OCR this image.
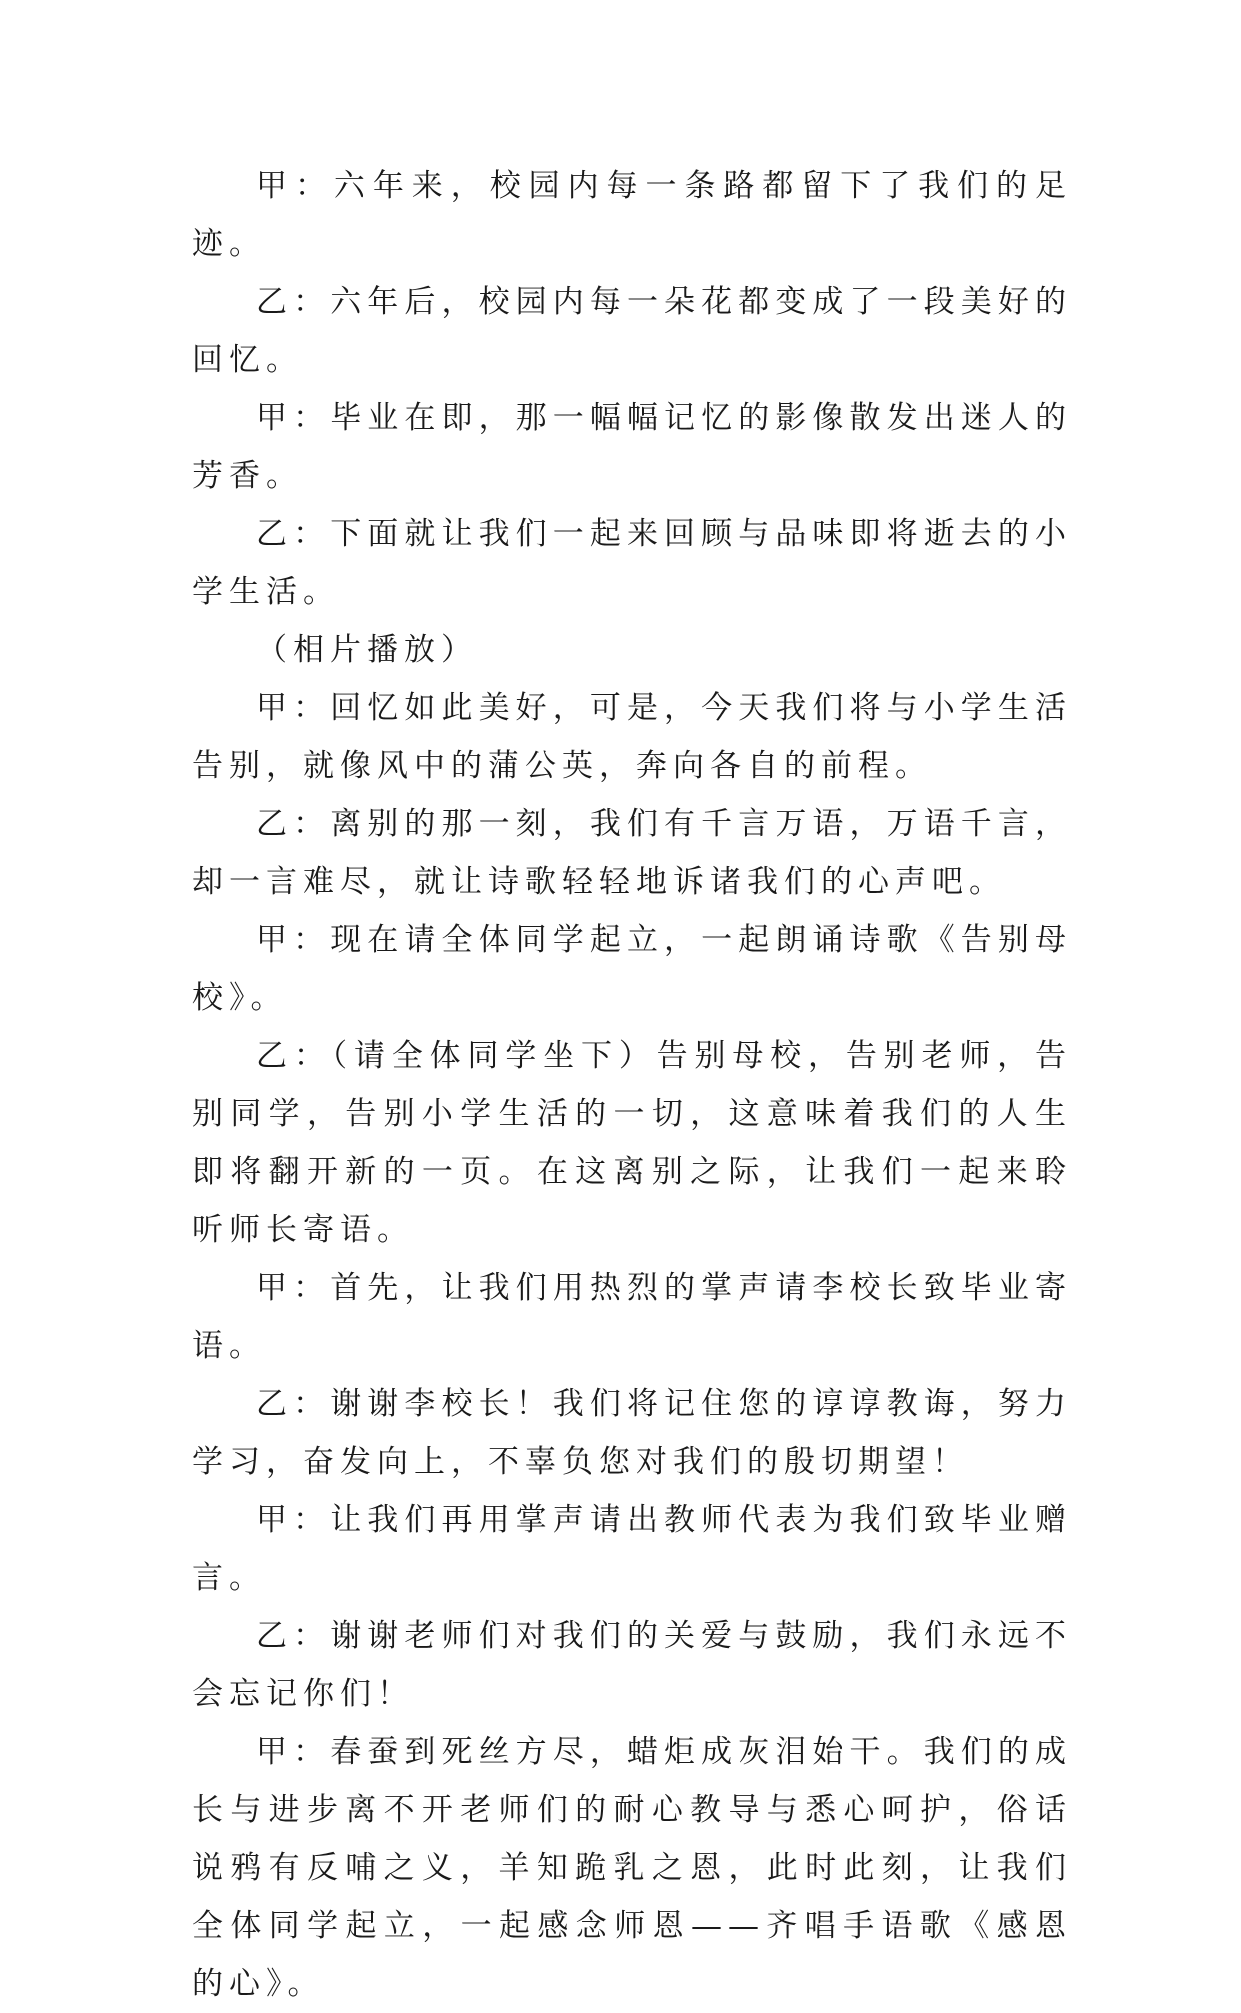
甲：六年来，校园内每一条路都留下了我们的足迹。

乙：六年后，校园内每一朵花都变成了一段美好的回忆。

甲：毕业在即，那一幅幅记忆的影像散发出迷人的芳香。

乙：下面就让我们一起来回顾与品味即将逝去的小学生活。

（相片播放）

甲：回忆如此美好，可是，今天我们将与小学生活告别，就像风中的蒲公英，奔向各自的前程。

乙：离别的那一刻，我们有千言万语，万语千言，却一言难尽，就让诗歌轻轻地诉诸我们的心声吧。

甲：现在请全体同学起立，一起朗诵诗歌《告别母校》。

乙：（请全体同学坐下）告别母校，告别老师，告别同学，告别小学生活的一切，这意味着我们的人生即将翻开新的一页。在这离别之际，让我们一起来聆听师长寄语。

甲：首先，让我们用热烈的掌声请李校长致毕业寄语。

乙：谢谢李校长！我们将记住您的谆谆教诲，努力学习，奋发向上，不辜负您对我们的殷切期望！

甲：让我们再用掌声请出教师代表为我们致毕业赠言。

乙：谢谢老师们对我们的关爱与鼓励，我们永远不会忘记你们！

甲：春蚕到死丝方尽，蜡炬成灰泪始干。我们的成长与进步离不开老师们的耐心教导与悉心呵护，俗话说鸦有反哺之义，羊知跪乳之恩，此时此刻，让我们全体同学起立，一起感念师恩——齐唱手语歌《感恩的心》。
